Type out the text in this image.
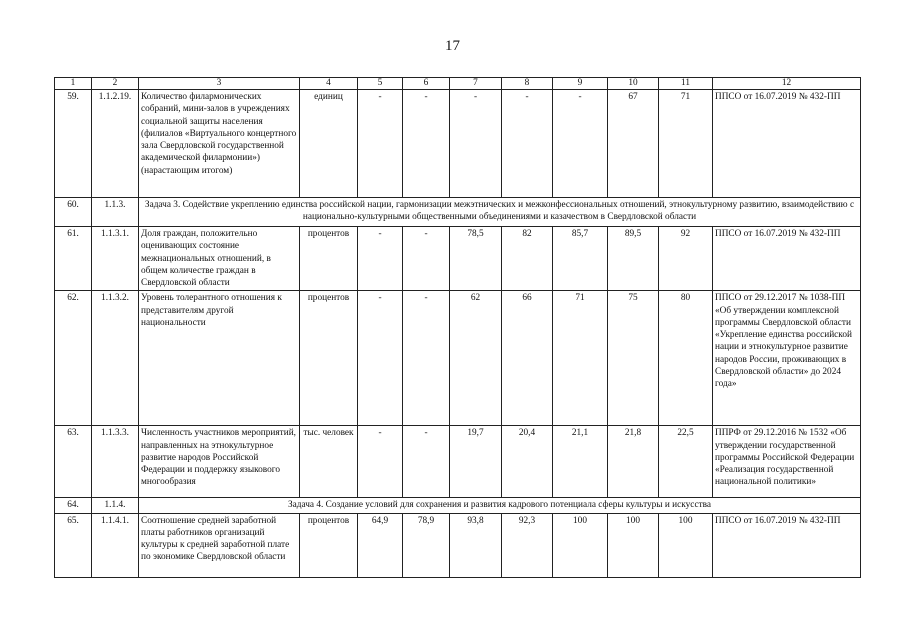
17
1	2	3	4	5	6	7	8	9	10	11	12
59.	1.1.2.19.	Количество филармонических собраний, мини-залов в учреждениях социальной защиты населения (филиалов «Виртуального концертного зала Свердловской государственной академической филармонии») (нарастающим итогом)	единиц	-	-	-	-	-	67	71	ППСО от 16.07.2019 № 432-ПП
60.	1.1.3.	Задача 3. Содействие укреплению единства российской нации, гармонизации межэтнических и межконфессиональных отношений, этнокультурному развитию, взаимодействию с национально-культурными общественными объединениями и казачеством в Свердловской области									
61.	1.1.3.1.	Доля граждан, положительно оценивающих состояние межнациональных отношений, в общем количестве граждан в Свердловской области	процентов	-	-	78,5	82	85,7	89,5	92	ППСО от 16.07.2019 № 432-ПП
62.	1.1.3.2.	Уровень толерантного отношения к представителям другой национальности	процентов	-	-	62	66	71	75	80	ППСО от 29.12.2017 № 1038-ПП «Об утверждении комплексной программы Свердловской области «Укрепление единства российской нации и этнокультурное развитие народов России, проживающих в Свердловской области» до 2024 года»
63.	1.1.3.3.	Численность участников мероприятий, направленных на этнокультурное развитие народов Российской Федерации и поддержку языкового многообразия	тыс. человек	-	-	19,7	20,4	21,1	21,8	22,5	ППРФ от 29.12.2016 № 1532 «Об утверждении государственной программы Российской Федерации «Реализация государственной национальной политики»
64.	1.1.4.	Задача 4. Создание условий для сохранения и развития кадрового потенциала сферы культуры и искусства									
65.	1.1.4.1.	Соотношение средней заработной платы работников организаций культуры к средней заработной плате по экономике Свердловской области	процентов	64,9	78,9	93,8	92,3	100	100	100	ППСО от 16.07.2019 № 432-ПП
